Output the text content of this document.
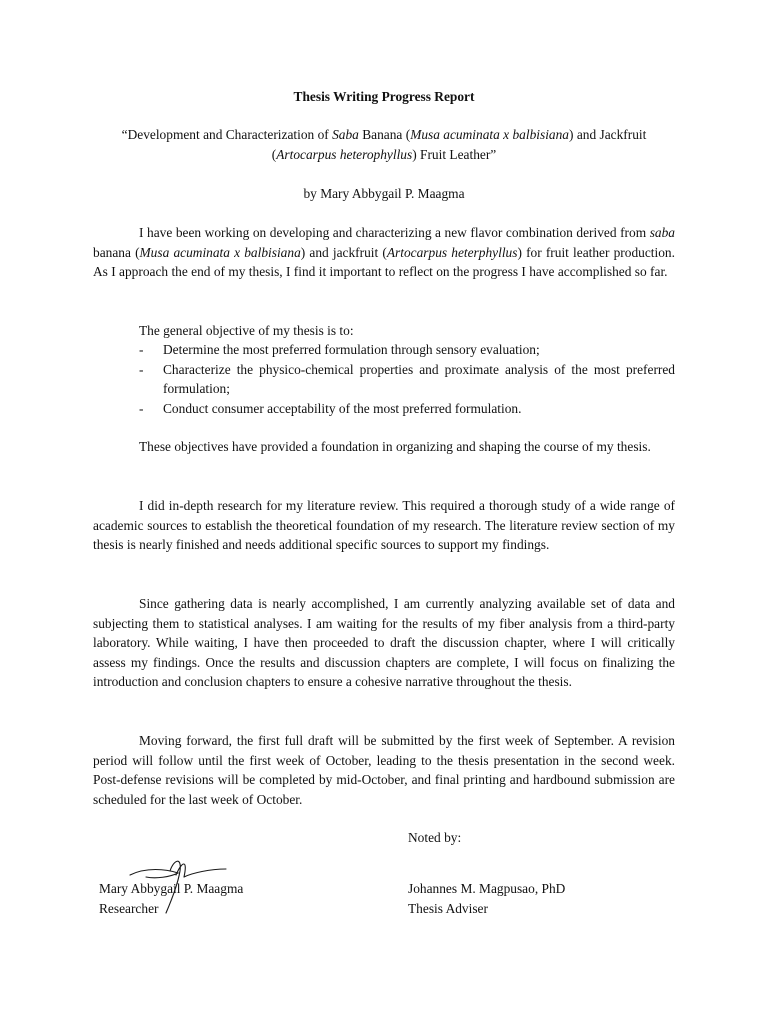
Thesis Writing Progress Report

“Development and Characterization of Saba Banana (Musa acuminata x balbisiana) and Jackfruit (Artocarpus heterophyllus) Fruit Leather”

by Mary Abbygail P. Maagma

I have been working on developing and characterizing a new flavor combination derived from saba banana (Musa acuminata x balbisiana) and jackfruit (Artocarpus heterphyllus) for fruit leather production. As I approach the end of my thesis, I find it important to reflect on the progress I have accomplished so far.

The general objective of my thesis is to:

- Determine the most preferred formulation through sensory evaluation;
- Characterize the physico-chemical properties and proximate analysis of the most preferred formulation;
- Conduct consumer acceptability of the most preferred formulation.

These objectives have provided a foundation in organizing and shaping the course of my thesis.

I did in-depth research for my literature review. This required a thorough study of a wide range of academic sources to establish the theoretical foundation of my research. The literature review section of my thesis is nearly finished and needs additional specific sources to support my findings.

Since gathering data is nearly accomplished, I am currently analyzing available set of data and subjecting them to statistical analyses. I am waiting for the results of my fiber analysis from a third-party laboratory. While waiting, I have then proceeded to draft the discussion chapter, where I will critically assess my findings. Once the results and discussion chapters are complete, I will focus on finalizing the introduction and conclusion chapters to ensure a cohesive narrative throughout the thesis.

Moving forward, the first full draft will be submitted by the first week of September. A revision period will follow until the first week of October, leading to the thesis presentation in the second week. Post-defense revisions will be completed by mid-October, and final printing and hardbound submission are scheduled for the last week of October.

Noted by:

Mary Abbygail P. Maagma
Researcher

Johannes M. Magpusao, PhD
Thesis Adviser
